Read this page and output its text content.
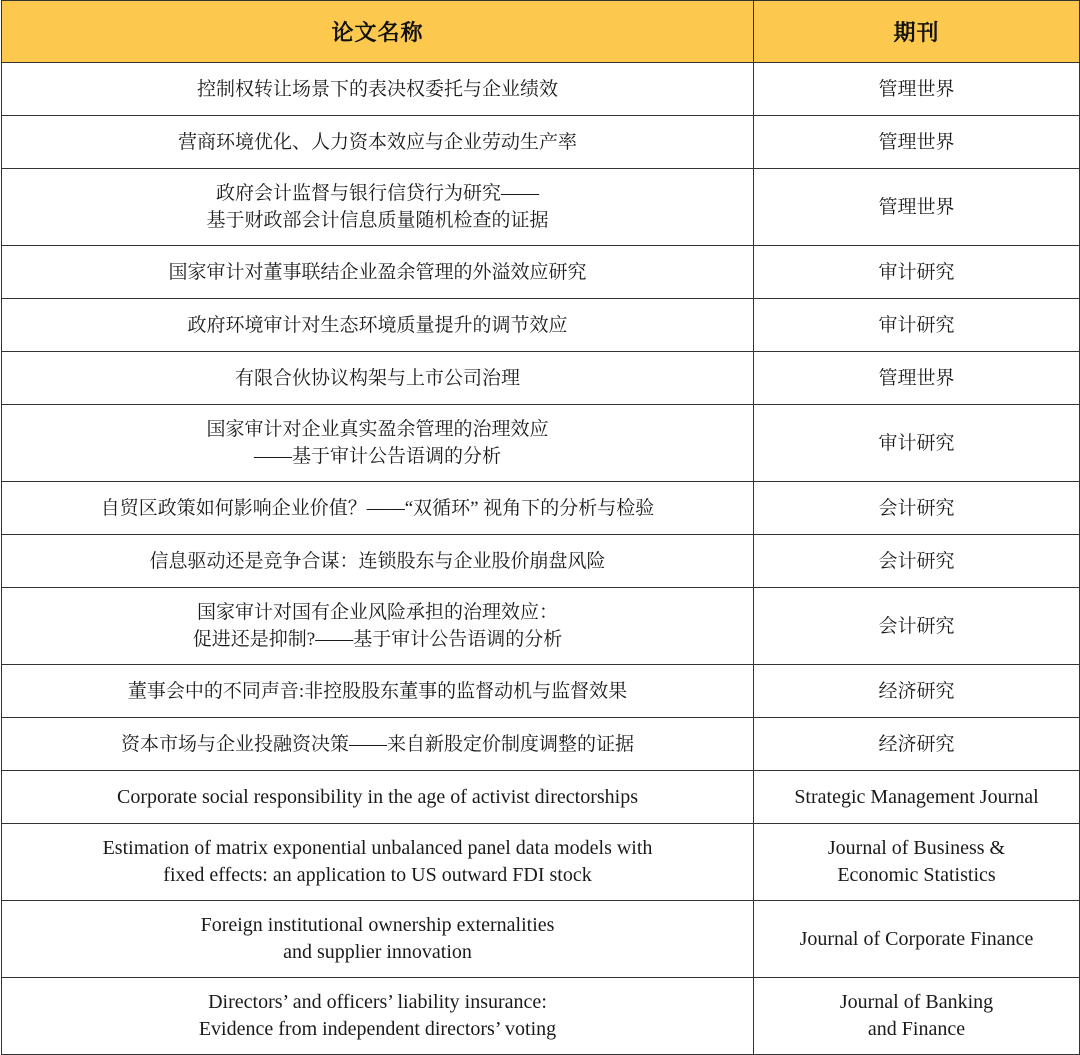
论文名称	期刊

控制权转让场景下的表决权委托与企业绩效	管理世界

营商环境优化、人力资本效应与企业劳动生产率	管理世界

政府会计监督与银行信贷行为研究——
基于财政部会计信息质量随机检查的证据	管理世界

国家审计对董事联结企业盈余管理的外溢效应研究	审计研究

政府环境审计对生态环境质量提升的调节效应	审计研究

有限合伙协议构架与上市公司治理	管理世界

国家审计对企业真实盈余管理的治理效应
——基于审计公告语调的分析	审计研究

自贸区政策如何影响企业价值？——“双循环” 视角下的分析与检验	会计研究

信息驱动还是竞争合谋：连锁股东与企业股价崩盘风险	会计研究

国家审计对国有企业风险承担的治理效应：
促进还是抑制?——基于审计公告语调的分析	会计研究

董事会中的不同声音:非控股股东董事的监督动机与监督效果	经济研究

资本市场与企业投融资决策——来自新股定价制度调整的证据	经济研究

Corporate social responsibility in the age of activist directorships	Strategic Management Journal

Estimation of matrix exponential unbalanced panel data models with
fixed effects: an application to US outward FDI stock	Journal of Business &
Economic Statistics

Foreign institutional ownership externalities
and supplier innovation	Journal of Corporate Finance

Directors’ and officers’ liability insurance:
Evidence from independent directors’ voting	Journal of Banking
and Finance
